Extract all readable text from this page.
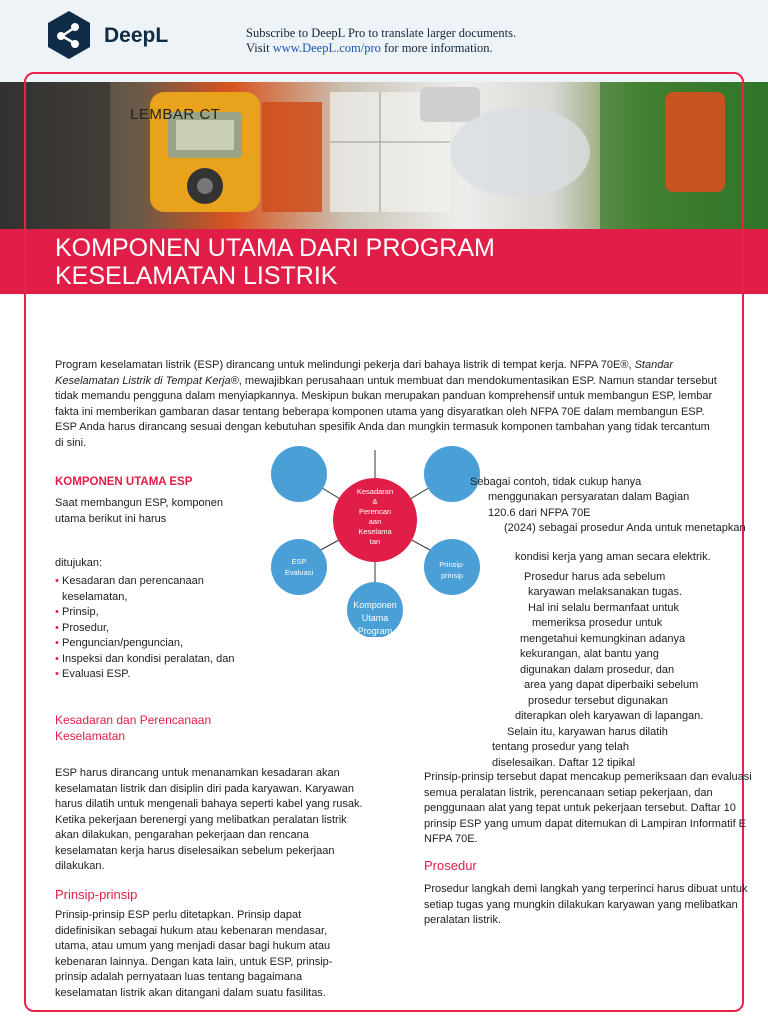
DeepL	Subscribe to DeepL Pro to translate larger documents.
Visit www.DeepL.com/pro for more information.
LEMBAR CT
KOMPONEN UTAMA DARI PROGRAM
KESELAMATAN LISTRIK
Program keselamatan listrik (ESP) dirancang untuk melindungi pekerja dari bahaya listrik di tempat kerja. NFPA 70E®, Standar Keselamatan Listrik di Tempat Kerja®, mewajibkan perusahaan untuk membuat dan mendokumentasikan ESP. Namun standar tersebut tidak memandu pengguna dalam menyiapkannya. Meskipun bukan merupakan panduan komprehensif untuk membangun ESP, lembar fakta ini memberikan gambaran dasar tentang beberapa komponen utama yang disyaratkan oleh NFPA 70E dalam membangun ESP. ESP Anda harus dirancang sesuai dengan kebutuhan spesifik Anda dan mungkin termasuk komponen tambahan yang tidak tercantum di sini.
KOMPONEN UTAMA ESP
Saat membangun ESP, komponen utama berikut ini harus
ditujukan:
• Kesadaran dan perencanaan keselamatan,
• Prinsip,
• Prosedur,
• Penguncian/penguncian,
• Inspeksi dan kondisi peralatan, dan
• Evaluasi ESP.
Kesadaran dan Perencanaan
Keselamatan
ESP harus dirancang untuk menanamkan kesadaran akan keselamatan listrik dan disiplin diri pada karyawan. Karyawan harus dilatih untuk mengenali bahaya seperti kabel yang rusak. Ketika pekerjaan berenergi yang melibatkan peralatan listrik akan dilakukan, pengarahan pekerjaan dan rencana keselamatan kerja harus diselesaikan sebelum pekerjaan dilakukan.
Prinsip-prinsip
Prinsip-prinsip ESP perlu ditetapkan. Prinsip dapat didefinisikan sebagai hukum atau kebenaran mendasar, utama, atau umum yang menjadi dasar bagi hukum atau kebenaran lainnya. Dengan kata lain, untuk ESP, prinsip-prinsip adalah pernyataan luas tentang bagaimana keselamatan listrik akan ditangani dalam suatu fasilitas.
Kesadaran
&
Perencan
aan
Keselama
tan
ESP
Evaluasi
Prinsip-
prinsip
Komponen
Utama
Program
Sebagai contoh, tidak cukup hanya
menggunakan persyaratan dalam Bagian
120.6 dari NFPA 70E
(2024) sebagai prosedur Anda untuk menetapkan
kondisi kerja yang aman secara elektrik.
Prosedur harus ada sebelum
karyawan melaksanakan tugas.
Hal ini selalu bermanfaat untuk
memeriksa prosedur untuk
mengetahui kemungkinan adanya
kekurangan, alat bantu yang
digunakan dalam prosedur, dan
area yang dapat diperbaiki sebelum
prosedur tersebut digunakan
diterapkan oleh karyawan di lapangan.
Selain itu, karyawan harus dilatih
tentang prosedur yang telah
diselesaikan. Daftar 12 tipikal
Prinsip-prinsip tersebut dapat mencakup pemeriksaan dan evaluasi semua peralatan listrik, perencanaan setiap pekerjaan, dan penggunaan alat yang tepat untuk pekerjaan tersebut. Daftar 10 prinsip ESP yang umum dapat ditemukan di Lampiran Informatif E NFPA 70E.
Prosedur
Prosedur langkah demi langkah yang terperinci harus dibuat untuk setiap tugas yang mungkin dilakukan karyawan yang melibatkan peralatan listrik.
